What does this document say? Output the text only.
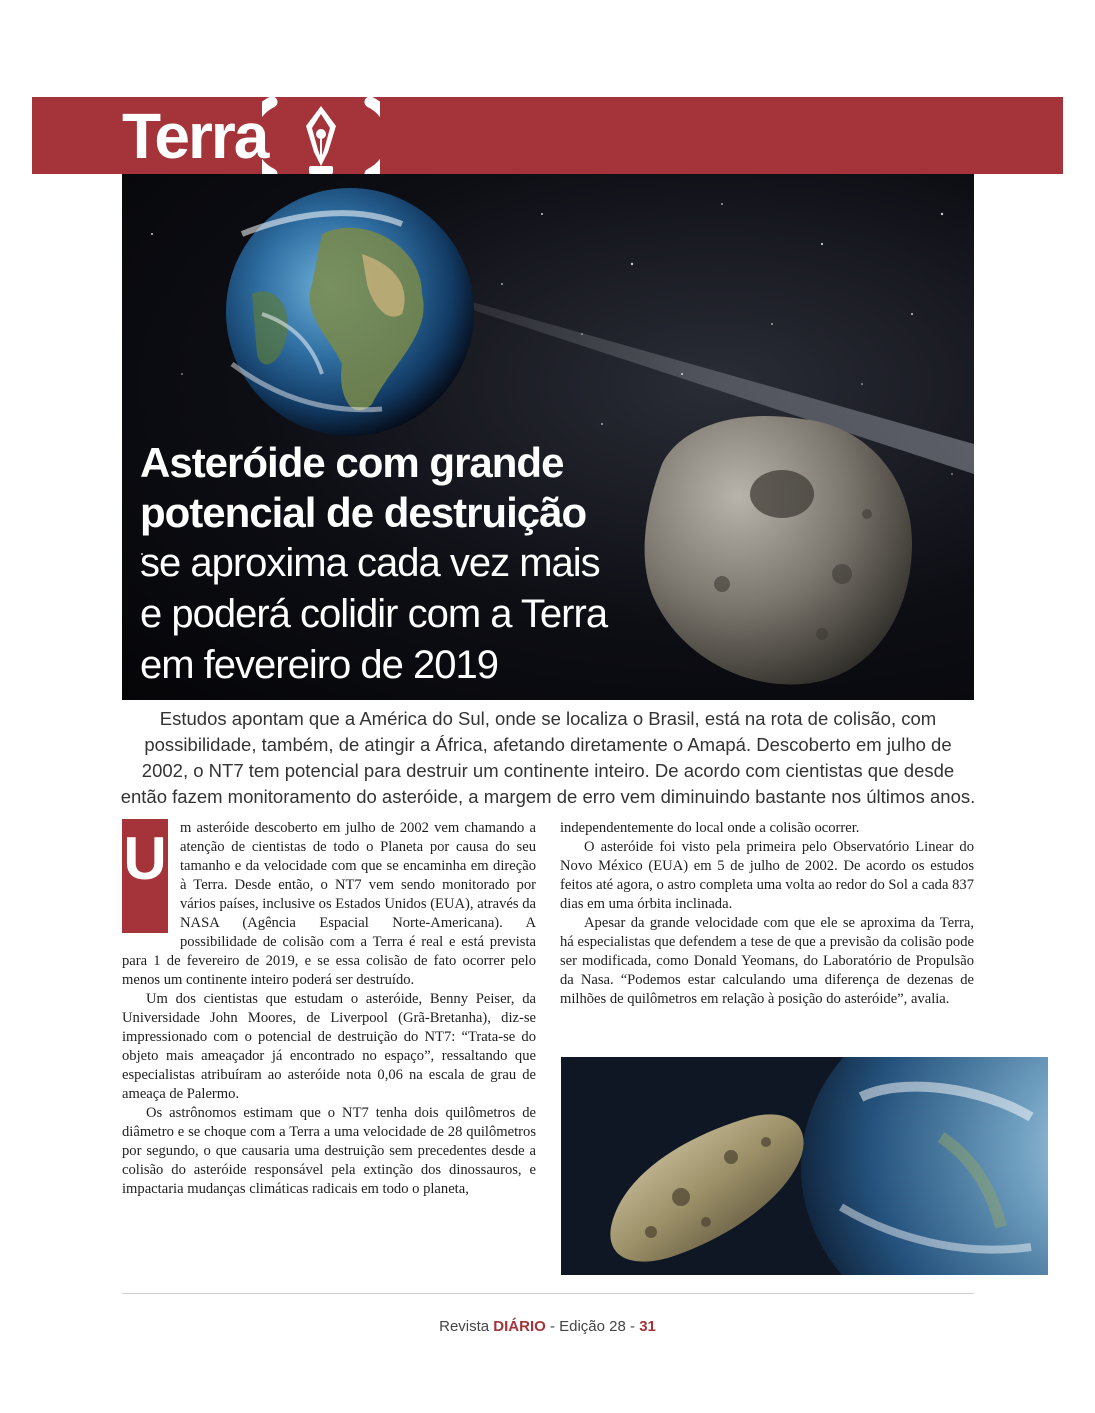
Terra
Asteróide com grande
potencial de destruição
se aproxima cada vez mais
e poderá colidir com a Terra
em fevereiro de 2019
Estudos apontam que a América do Sul, onde se localiza o Brasil, está na rota de colisão, com possibilidade, também, de atingir a África, afetando diretamente o Amapá. Descoberto em julho de 2002, o NT7 tem potencial para destruir um continente inteiro. De acordo com cientistas que desde então fazem monitoramento do asteróide, a margem de erro vem diminuindo bastante nos últimos anos.
U m asteróide descoberto em julho de 2002 vem chamando a atenção de cientistas de todo o Planeta por causa do seu tamanho e da velocidade com que se encaminha em direção à Terra. Desde então, o NT7 vem sendo monitorado por vários países, inclusive os Estados Unidos (EUA), através da NASA (Agência Espacial Norte-Americana). A possibilidade de colisão com a Terra é real e está prevista para 1 de fevereiro de 2019, e se essa colisão de fato ocorrer pelo menos um continente inteiro poderá ser destruído.

Um dos cientistas que estudam o asteróide, Benny Peiser, da Universidade John Moores, de Liverpool (Grã-Bretanha), diz-se impressionado com o potencial de destruição do NT7: “Trata-se do objeto mais ameaçador já encontrado no espaço”, ressaltando que especialistas atribuíram ao asteróide nota 0,06 na escala de grau de ameaça de Palermo.

Os astrônomos estimam que o NT7 tenha dois quilômetros de diâmetro e se choque com a Terra a uma velocidade de 28 quilômetros por segundo, o que causaria uma destruição sem precedentes desde a colisão do asteróide responsável pela extinção dos dinossauros, e impactaria mudanças climáticas radicais em todo o planeta,

independentemente do local onde a colisão ocorrer.

O asteróide foi visto pela primeira pelo Observatório Linear do Novo México (EUA) em 5 de julho de 2002. De acordo os estudos feitos até agora, o astro completa uma volta ao redor do Sol a cada 837 dias em uma órbita inclinada.

Apesar da grande velocidade com que ele se aproxima da Terra, há especialistas que defendem a tese de que a previsão da colisão pode ser modificada, como Donald Yeomans, do Laboratório de Propulsão da Nasa. “Podemos estar calculando uma diferença de dezenas de milhões de quilômetros em relação à posição do asteróide”, avalia.

Revista DIÁRIO - Edição 28 - 31
